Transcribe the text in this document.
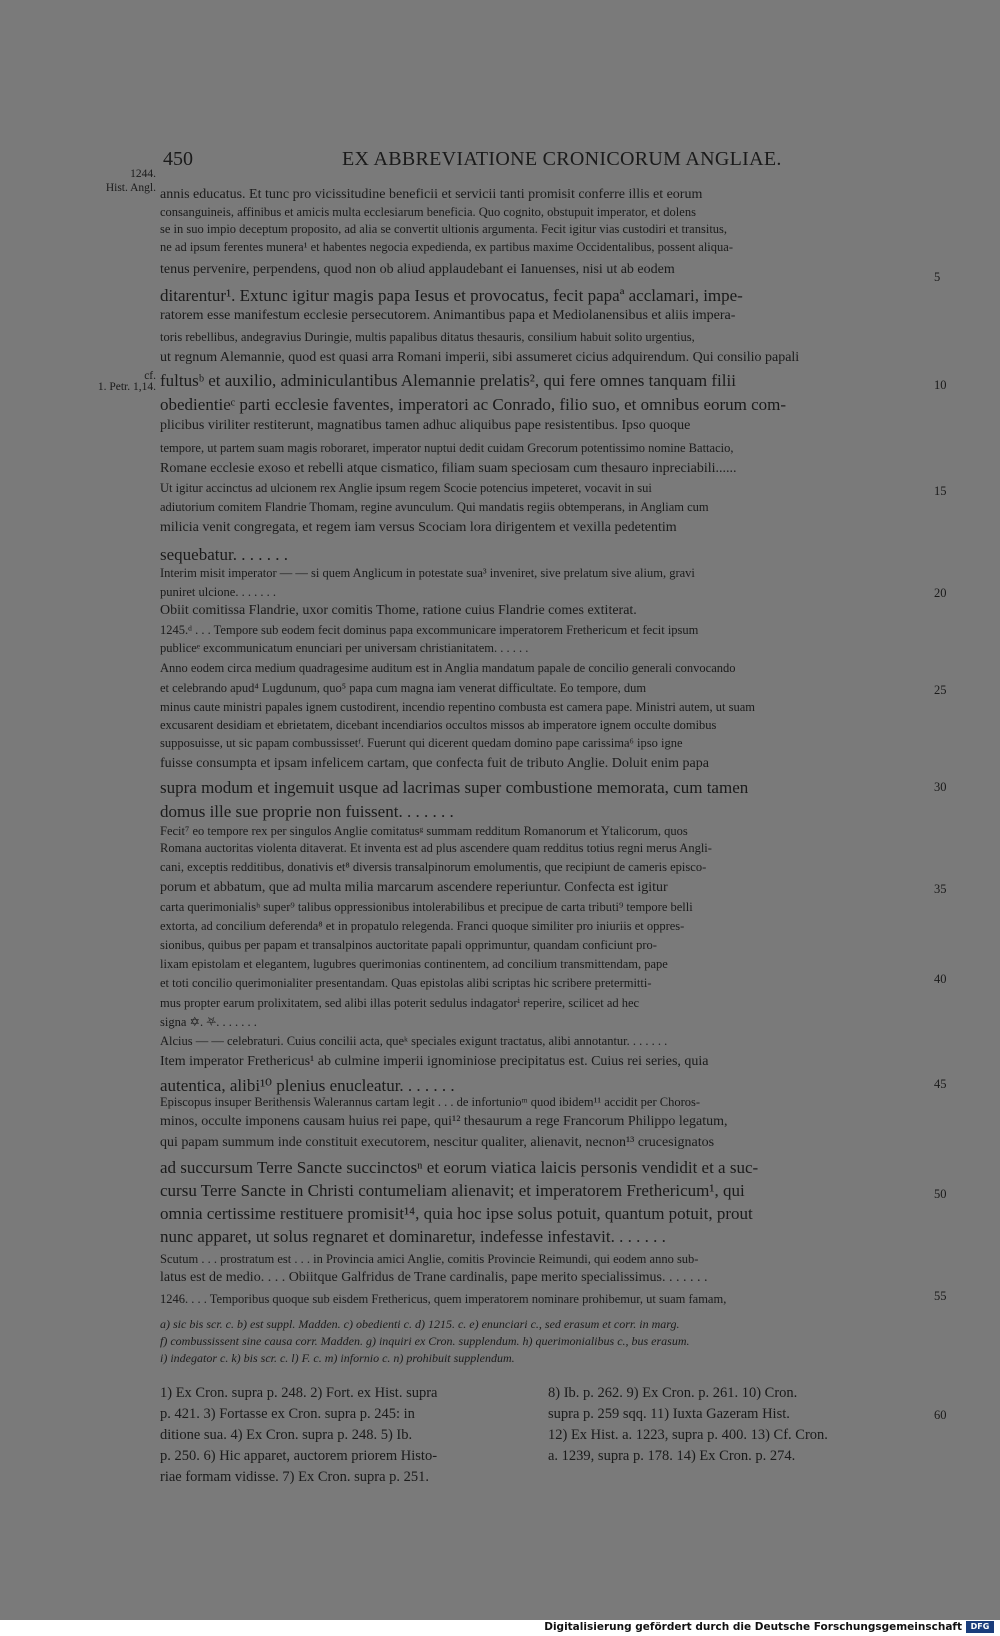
450	EX ABBREVIATIONE CRONICORUM ANGLIAE.
1244.
Hist. Angl.
cf.
1. Petr. 1,14.
annis educatus. Et tunc pro vicissitudine beneficii et servicii tanti promisit conferre illis et eorum
consanguineis, affinibus et amicis multa ecclesiarum beneficia. Quo cognito, obstupuit imperator, et dolens
se in suo impio deceptum proposito, ad alia se convertit ultionis argumenta. Fecit igitur vias custodiri et transitus,
ne ad ipsum ferentes munera¹ et habentes negocia expedienda, ex partibus maxime Occidentalibus, possent aliqua-
tenus pervenire, perpendens, quod non ob aliud applaudebant ei Ianuenses, nisi ut ab eodem
ditarentur¹. Extunc igitur magis papa Iesus et provocatus, fecit papaª acclamari, impe-
ratorem esse manifestum ecclesie persecutorem. Animantibus papa et Mediolanensibus et aliis impera-
toris rebellibus, andegravius Duringie, multis papalibus ditatus thesauris, consilium habuit solito urgentius,
ut regnum Alemannie, quod est quasi arra Romani imperii, sibi assumeret cicius adquirendum. Qui consilio papali
fultusᵇ et auxilio, adminiculantibus Alemannie prelatis², qui fere omnes tanquam filii
obedientieᶜ parti ecclesie faventes, imperatori ac Conrado, filio suo, et omnibus eorum com-
plicibus viriliter restiterunt, magnatibus tamen adhuc aliquibus pape resistentibus. Ipso quoque
tempore, ut partem suam magis roboraret, imperator nuptui dedit cuidam Grecorum potentissimo nomine Battacio,
Romane ecclesie exoso et rebelli atque cismatico, filiam suam speciosam cum thesauro inpreciabili......
Ut igitur accinctus ad ulcionem rex Anglie ipsum regem Scocie potencius impeteret, vocavit in sui
adiutorium comitem Flandrie Thomam, regine avunculum. Qui mandatis regiis obtemperans, in Angliam cum
milicia venit congregata, et regem iam versus Scociam lora dirigentem et vexilla pedetentim
sequebatur. . . . . . .
Interim misit imperator — — si quem Anglicum in potestate sua³ inveniret, sive prelatum sive alium, gravi
puniret ulcione. . . . . . .
Obiit comitissa Flandrie, uxor comitis Thome, ratione cuius Flandrie comes extiterat.
1245.ᵈ . . . Tempore sub eodem fecit dominus papa excommunicare imperatorem Frethericum et fecit ipsum
publiceᵉ excommunicatum enunciari per universam christianitatem. . . . . .
Anno eodem circa medium quadragesime auditum est in Anglia mandatum papale de concilio generali convocando
et celebrando apud⁴ Lugdunum, quo⁵ papa cum magna iam venerat difficultate. Eo tempore, dum
minus caute ministri papales ignem custodirent, incendio repentino combusta est camera pape. Ministri autem, ut suam
excusarent desidiam et ebrietatem, dicebant incendiarios occultos missos ab imperatore ignem occulte domibus
supposuisse, ut sic papam combussissetᶠ. Fuerunt qui dicerent quedam domino pape carissima⁶ ipso igne
fuisse consumpta et ipsam infelicem cartam, que confecta fuit de tributo Anglie. Doluit enim papa
supra modum et ingemuit usque ad lacrimas super combustione memorata, cum tamen
domus ille sue proprie non fuissent. . . . . . .
Fecit⁷ eo tempore rex per singulos Anglie comitatusᵍ summam redditum Romanorum et Ytalicorum, quos
Romana auctoritas violenta ditaverat. Et inventa est ad plus ascendere quam redditus totius regni merus Angli-
cani, exceptis redditibus, donativis et⁸ diversis transalpinorum emolumentis, que recipiunt de cameris episco-
porum et abbatum, que ad multa milia marcarum ascendere reperiuntur. Confecta est igitur
carta querimonialisʰ super⁹ talibus oppressionibus intolerabilibus et precipue de carta tributi⁹ tempore belli
extorta, ad concilium deferenda⁸ et in propatulo relegenda. Franci quoque similiter pro iniuriis et oppres-
sionibus, quibus per papam et transalpinos auctoritate papali opprimuntur, quandam conficiunt pro-
lixam epistolam et elegantem, lugubres querimonias continentem, ad concilium transmittendam, pape
et toti concilio querimonialiter presentandam. Quas epistolas alibi scriptas hic scribere pretermitti-
mus propter earum prolixitatem, sed alibi illas poterit sedulus indagatorⁱ reperire, scilicet ad hec
signa ✡. ⛧. . . . . . .
Alcius — — celebraturi. Cuius concilii acta, queᵏ speciales exigunt tractatus, alibi annotantur. . . . . . .
Item imperator Frethericus¹ ab culmine imperii ignominiose precipitatus est. Cuius rei series, quia
autentica, alibi¹⁰ plenius enucleatur. . . . . . .
Episcopus insuper Berithensis Walerannus cartam legit . . . de infortunioᵐ quod ibidem¹¹ accidit per Choros-
minos, occulte imponens causam huius rei pape, qui¹² thesaurum a rege Francorum Philippo legatum,
qui papam summum inde constituit executorem, nescitur qualiter, alienavit, necnon¹³ crucesignatos
ad succursum Terre Sancte succinctosⁿ et eorum viatica laicis personis vendidit et a suc-
cursu Terre Sancte in Christi contumeliam alienavit; et imperatorem Frethericum¹, qui
omnia certissime restituere promisit¹⁴, quia hoc ipse solus potuit, quantum potuit, prout
nunc apparet, ut solus regnaret et dominaretur, indefesse infestavit. . . . . . .
Scutum . . . prostratum est . . . in Provincia amici Anglie, comitis Provincie Reimundi, qui eodem anno sub-
latus est de medio. . . . Obiitque Galfridus de Trane cardinalis, pape merito specialissimus. . . . . . .
1246. . . . Temporibus quoque sub eisdem Frethericus, quem imperatorem nominare prohibemur, ut suam famam,
5
10
15
20
25
30
35
40
45
50
55
a) sic bis scr. c. b) est suppl. Madden. c) obedienti c. d) 1215. c. e) enunciari c., sed erasum et corr. in marg.
f) combussissent sine causa corr. Madden. g) inquiri ex Cron. supplendum. h) querimonialibus c., bus erasum.
i) indegator c. k) bis scr. c. l) F. c. m) infornio c. n) prohibuit supplendum.
1) Ex Cron. supra p. 248. 2) Fort. ex Hist. supra
p. 421. 3) Fortasse ex Cron. supra p. 245: in
ditione sua. 4) Ex Cron. supra p. 248. 5) Ib.
p. 250. 6) Hic apparet, auctorem priorem Histo-
riae formam vidisse. 7) Ex Cron. supra p. 251.
8) Ib. p. 262. 9) Ex Cron. p. 261. 10) Cron.
supra p. 259 sqq. 11) Iuxta Gazeram Hist.
12) Ex Hist. a. 1223, supra p. 400. 13) Cf. Cron.
a. 1239, supra p. 178. 14) Ex Cron. p. 274.
60
Digitalisierung gefördert durch die Deutsche Forschungsgemeinschaft	DFG
